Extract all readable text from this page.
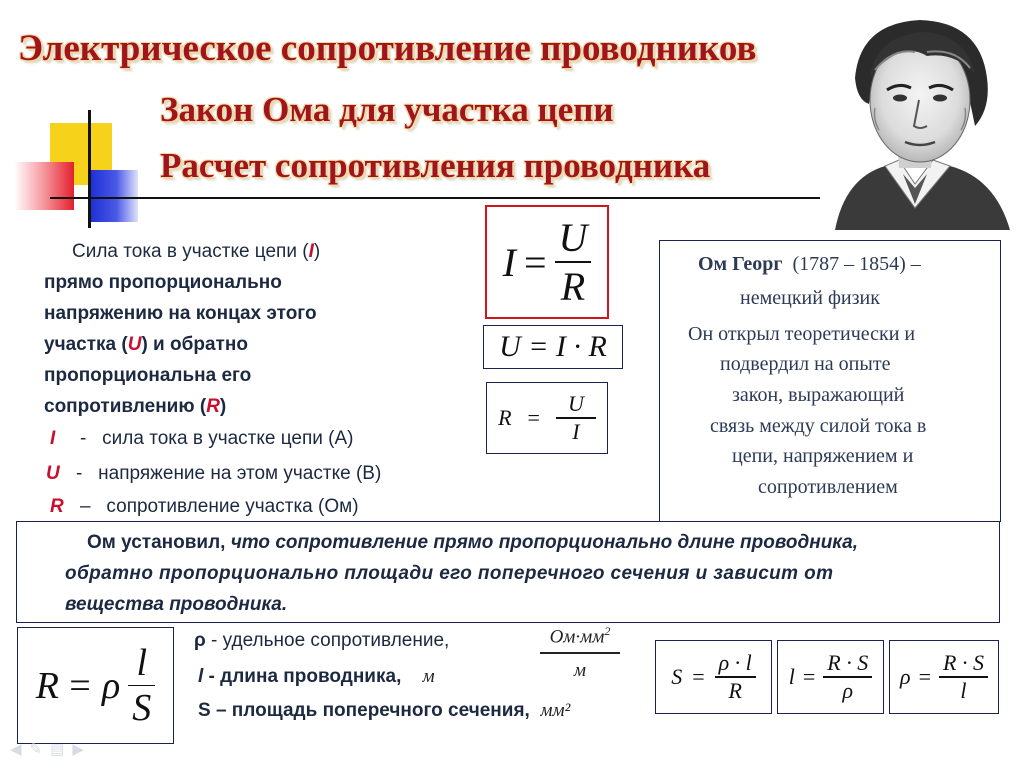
Электрическое сопротивление проводников
Закон Ома для участка цепи
Расчет сопротивления проводника
Сила тока в участке цепи (I)
прямо пропорционально
напряжению на концах этого
участка (U) и обратно
пропорциональна его
сопротивлению (R)
I - сила тока в участке цепи (А)
U - напряжение на этом участке (В)
R – сопротивление участка (Ом)
$I = \frac{U}{R}$
U = I · R
$R = \frac{U}{I}$
Ом Георг (1787 – 1854) –
немецкий физик
Он открыл теоретически и
подвердил на опыте
закон, выражающий
связь между силой тока в
цепи, напряжением и
сопротивлением
Ом установил, что сопротивление прямо пропорционально длине проводника,
обратно пропорционально площади его поперечного сечения и зависит от
вещества проводника.
R = ρ $\frac{l}{S}$
ρ - удельное сопротивление,
l - длина проводника, м
S – площадь поперечного сечения, мм²
$Ом\cdot мм^2$
м	$S = \frac{\rho \cdot l}{R}$ $l = \frac{R \cdot S}{\rho}$ $\rho = \frac{R \cdot S}{l}$
◀✎▤▶
